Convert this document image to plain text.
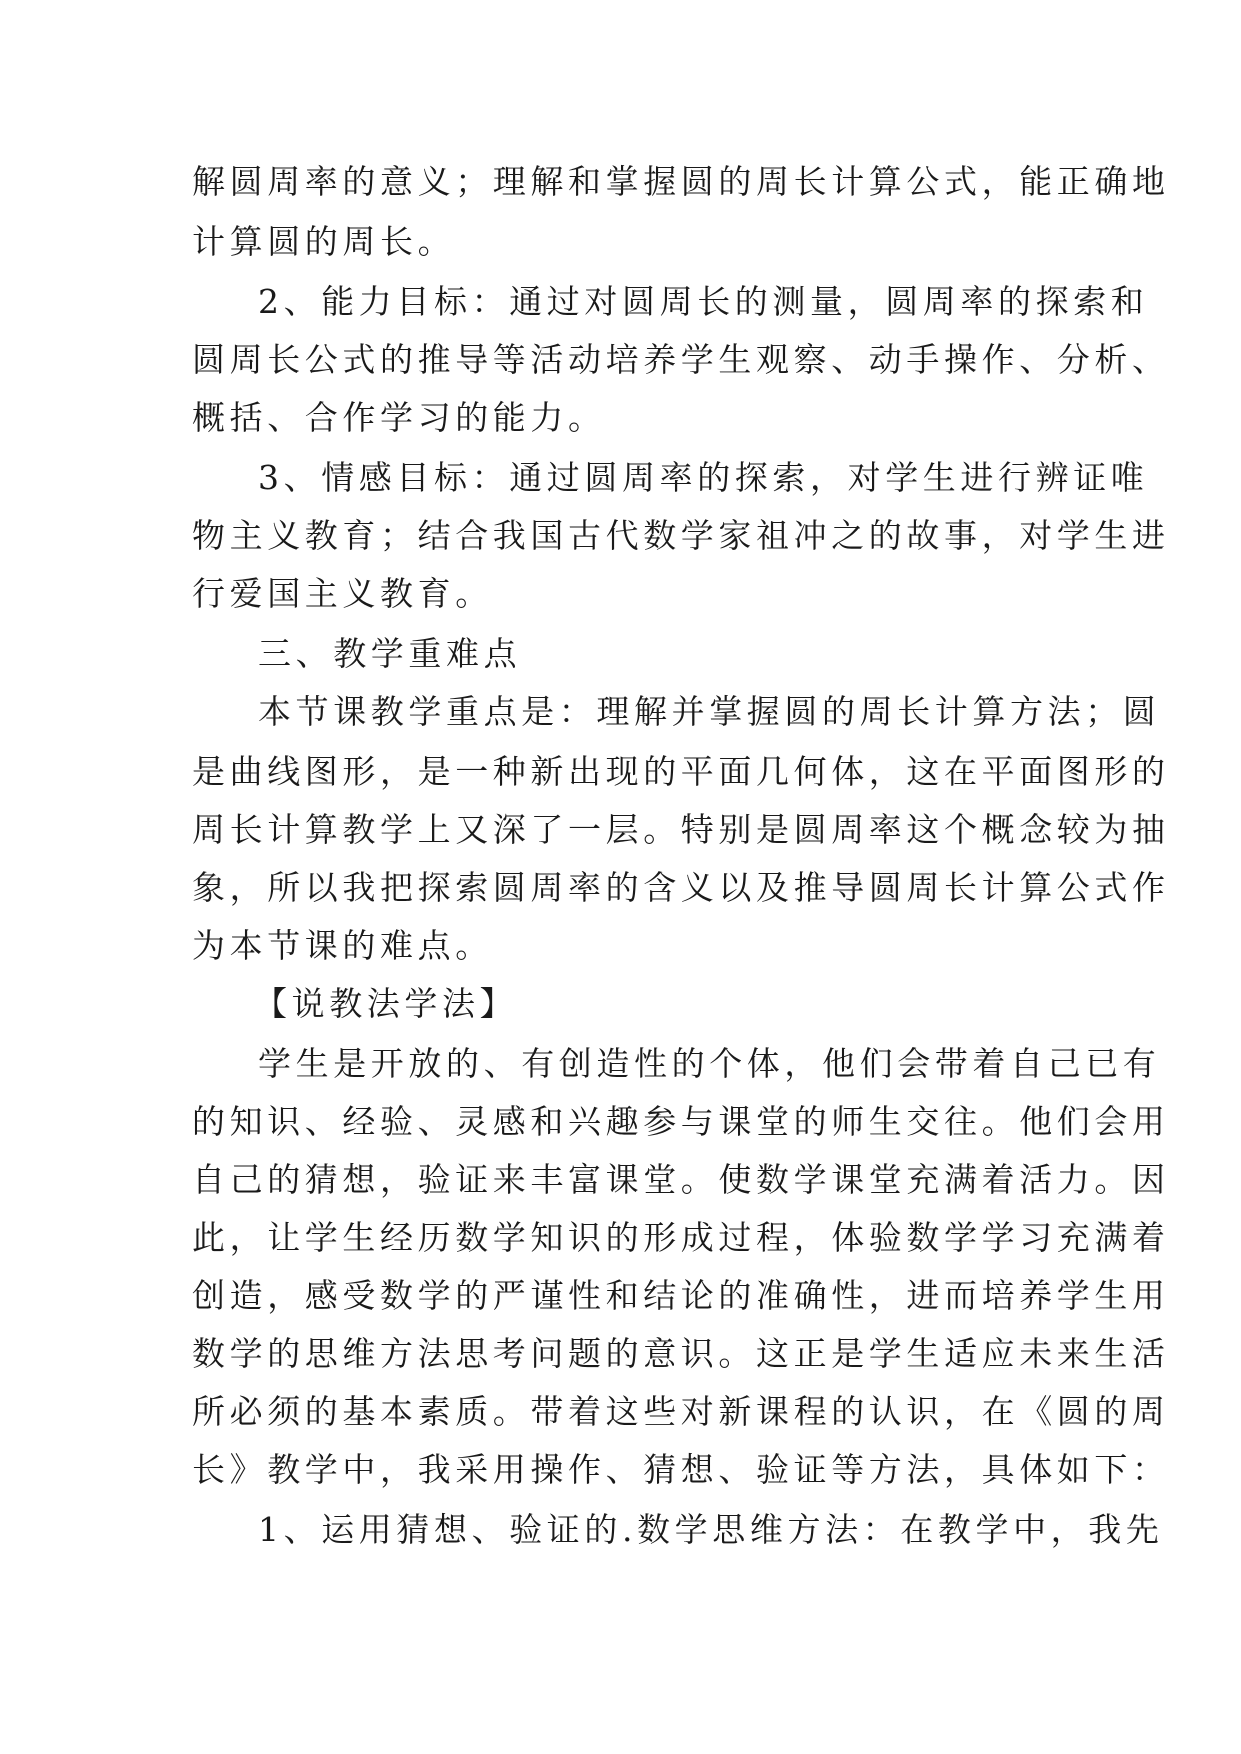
解圆周率的意义；理解和掌握圆的周长计算公式，能正确地
计算圆的周长。
2、能力目标：通过对圆周长的测量，圆周率的探索和
圆周长公式的推导等活动培养学生观察、动手操作、分析、
概括、合作学习的能力。
3、情感目标：通过圆周率的探索，对学生进行辨证唯
物主义教育；结合我国古代数学家祖冲之的故事，对学生进
行爱国主义教育。
三、教学重难点
本节课教学重点是：理解并掌握圆的周长计算方法；圆
是曲线图形，是一种新出现的平面几何体，这在平面图形的
周长计算教学上又深了一层。特别是圆周率这个概念较为抽
象，所以我把探索圆周率的含义以及推导圆周长计算公式作
为本节课的难点。
【说教法学法】
学生是开放的、有创造性的个体，他们会带着自己已有
的知识、经验、灵感和兴趣参与课堂的师生交往。他们会用
自己的猜想，验证来丰富课堂。使数学课堂充满着活力。因
此，让学生经历数学知识的形成过程，体验数学学习充满着
创造，感受数学的严谨性和结论的准确性，进而培养学生用
数学的思维方法思考问题的意识。这正是学生适应未来生活
所必须的基本素质。带着这些对新课程的认识，在《圆的周
长》教学中，我采用操作、猜想、验证等方法，具体如下：
1、运用猜想、验证的.数学思维方法：在教学中，我先
